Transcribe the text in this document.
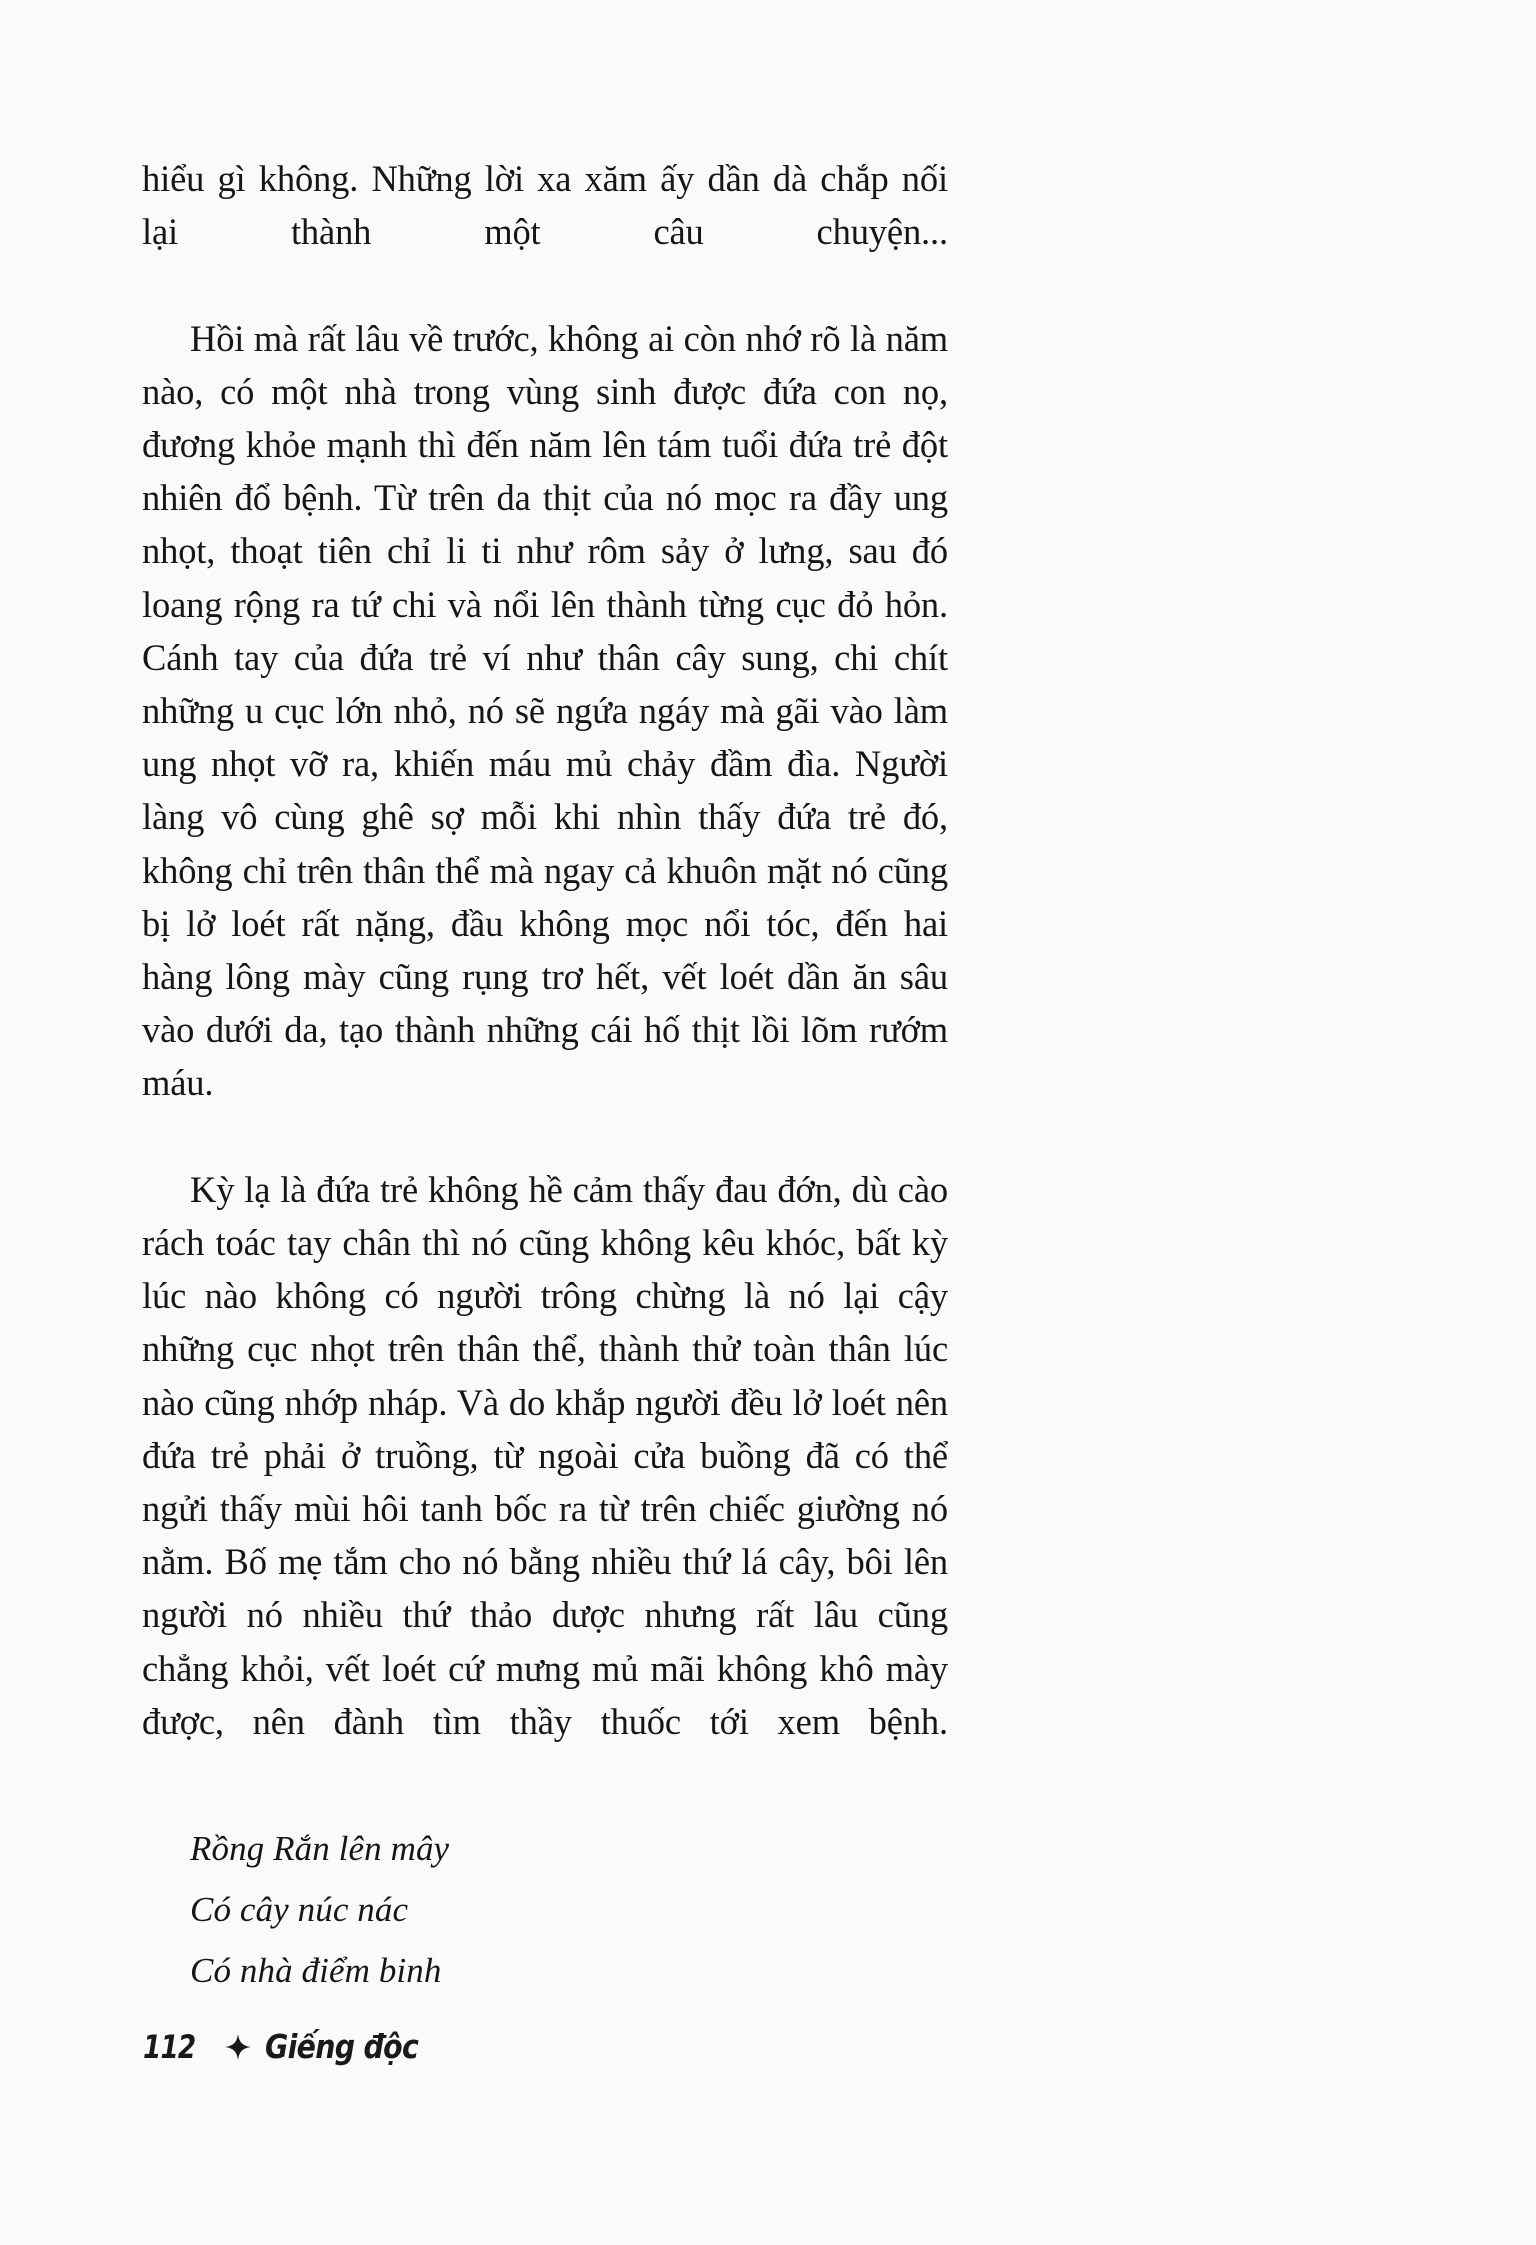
hiểu gì không. Những lời xa xăm ấy dần dà chắp nối lại thành một câu chuyện...

Hồi mà rất lâu về trước, không ai còn nhớ rõ là năm nào, có một nhà trong vùng sinh được đứa con nọ, đương khỏe mạnh thì đến năm lên tám tuổi đứa trẻ đột nhiên đổ bệnh. Từ trên da thịt của nó mọc ra đầy ung nhọt, thoạt tiên chỉ li ti như rôm sảy ở lưng, sau đó loang rộng ra tứ chi và nổi lên thành từng cục đỏ hỏn. Cánh tay của đứa trẻ ví như thân cây sung, chi chít những u cục lớn nhỏ, nó sẽ ngứa ngáy mà gãi vào làm ung nhọt vỡ ra, khiến máu mủ chảy đầm đìa. Người làng vô cùng ghê sợ mỗi khi nhìn thấy đứa trẻ đó, không chỉ trên thân thể mà ngay cả khuôn mặt nó cũng bị lở loét rất nặng, đầu không mọc nổi tóc, đến hai hàng lông mày cũng rụng trơ hết, vết loét dần ăn sâu vào dưới da, tạo thành những cái hố thịt lồi lõm rướm máu.

Kỳ lạ là đứa trẻ không hề cảm thấy đau đớn, dù cào rách toác tay chân thì nó cũng không kêu khóc, bất kỳ lúc nào không có người trông chừng là nó lại cậy những cục nhọt trên thân thể, thành thử toàn thân lúc nào cũng nhớp nháp. Và do khắp người đều lở loét nên đứa trẻ phải ở truồng, từ ngoài cửa buồng đã có thể ngửi thấy mùi hôi tanh bốc ra từ trên chiếc giường nó nằm. Bố mẹ tắm cho nó bằng nhiều thứ lá cây, bôi lên người nó nhiều thứ thảo dược nhưng rất lâu cũng chẳng khỏi, vết loét cứ mưng mủ mãi không khô mày được, nên đành tìm thầy thuốc tới xem bệnh.

Rồng Rắn lên mây
Có cây núc nác
Có nhà điểm binh
112 Giếng độc
